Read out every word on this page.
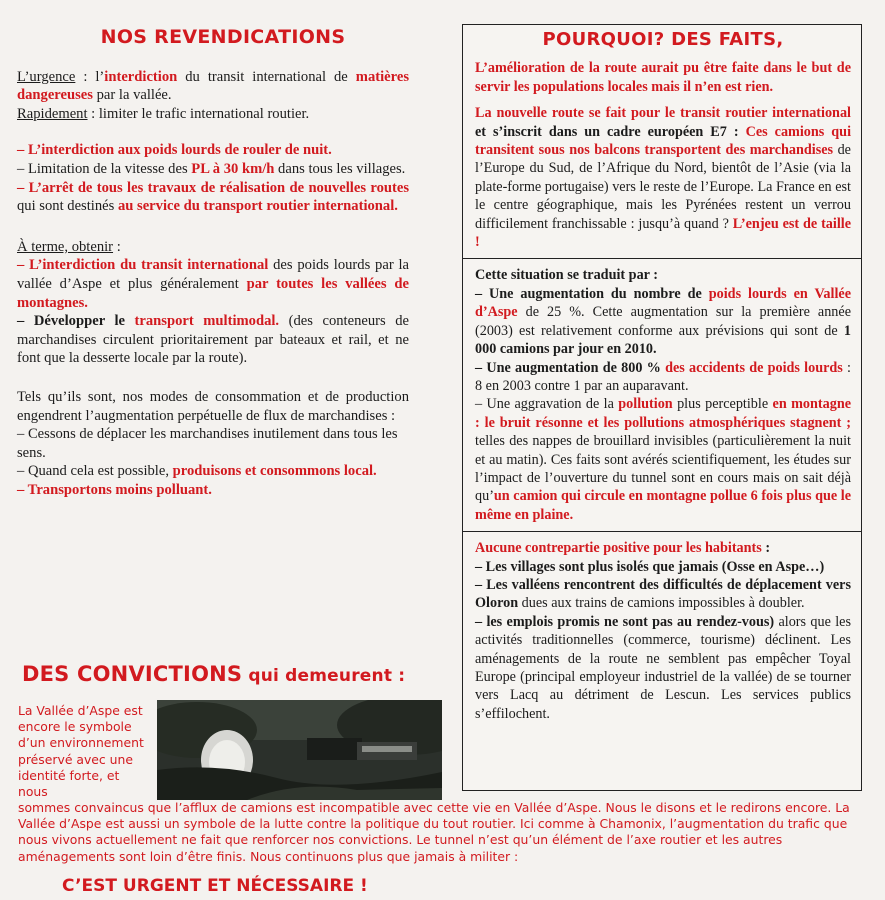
NOS REVENDICATIONS

L’urgence : l’interdiction du transit international de matières dangereuses par la vallée.

Rapidement : limiter le trafic international routier.

– L’interdiction aux poids lourds de rouler de nuit.

– Limitation de la vitesse des PL à 30 km/h dans tous les villages.

– L’arrêt de tous les travaux de réalisation de nouvelles routes qui sont destinés au service du transport routier international.

À terme, obtenir :

– L’interdiction du transit international des poids lourds par la vallée d’Aspe et plus généralement par toutes les vallées de montagnes.

– Développer le transport multimodal. (des conteneurs de marchandises circulent prioritairement par bateaux et rail, et ne font que la desserte locale par la route).

Tels qu’ils sont, nos modes de consommation et de production engendrent l’augmentation perpétuelle de flux de marchandises :

– Cessons de déplacer les marchandises inutilement dans tous les sens.

– Quand cela est possible, produisons et consommons local.

– Transportons moins polluant.

POURQUOI? DES FAITS,

L’amélioration de la route aurait pu être faite dans le but de servir les populations locales mais il n’en est rien.

La nouvelle route se fait pour le transit routier international et s’inscrit dans un cadre européen E7 : Ces camions qui transitent sous nos balcons transportent des marchandises de l’Europe du Sud, de l’Afrique du Nord, bientôt de l’Asie (via la plate-forme portugaise) vers le reste de l’Europe. La France en est le centre géographique, mais les Pyrénées restent un verrou difficilement franchissable : jusqu’à quand ? L’enjeu est de taille !

Cette situation se traduit par :

– Une augmentation du nombre de poids lourds en Vallée d’Aspe de 25 %. Cette augmentation sur la première année (2003) est relativement conforme aux prévisions qui sont de 1 000 camions par jour en 2010.

– Une augmentation de 800 % des accidents de poids lourds : 8 en 2003 contre 1 par an auparavant.

– Une aggravation de la pollution plus perceptible en montagne : le bruit résonne et les pollutions atmosphériques stagnent ; telles des nappes de brouillard invisibles (particulièrement la nuit et au matin). Ces faits sont avérés scientifiquement, les études sur l’impact de l’ouverture du tunnel sont en cours mais on sait déjà qu’un camion qui circule en montagne pollue 6 fois plus que le même en plaine.

Aucune contrepartie positive pour les habitants :

– Les villages sont plus isolés que jamais (Osse en Aspe…)

– Les valléens rencontrent des difficultés de déplacement vers Oloron dues aux trains de camions impossibles à doubler.

– les emplois promis ne sont pas au rendez-vous) alors que les activités traditionnelles (commerce, tourisme) déclinent. Les aménagements de la route ne semblent pas empêcher Toyal Europe (principal employeur industriel de la vallée) de se tourner vers Lacq au détriment de Lescun. Les services publics s’effilochent.

DES CONVICTIONS qui demeurent :
La Vallée d’Aspe est encore le symbole d’un environnement préservé avec une identité forte, et nous
sommes convaincus que l’afflux de camions est incompatible avec cette vie en Vallée d’Aspe. Nous le disons et le redirons encore. La Vallée d’Aspe est aussi un symbole de la lutte contre la politique du tout routier. Ici comme à Chamonix, l’augmentation du trafic que nous vivons actuellement ne fait que renforcer nos convictions. Le tunnel n’est qu’un élément de l’axe routier et les autres aménagements sont loin d’être finis. Nous continuons plus que jamais à militer :
C’EST URGENT ET NÉCESSAIRE !
